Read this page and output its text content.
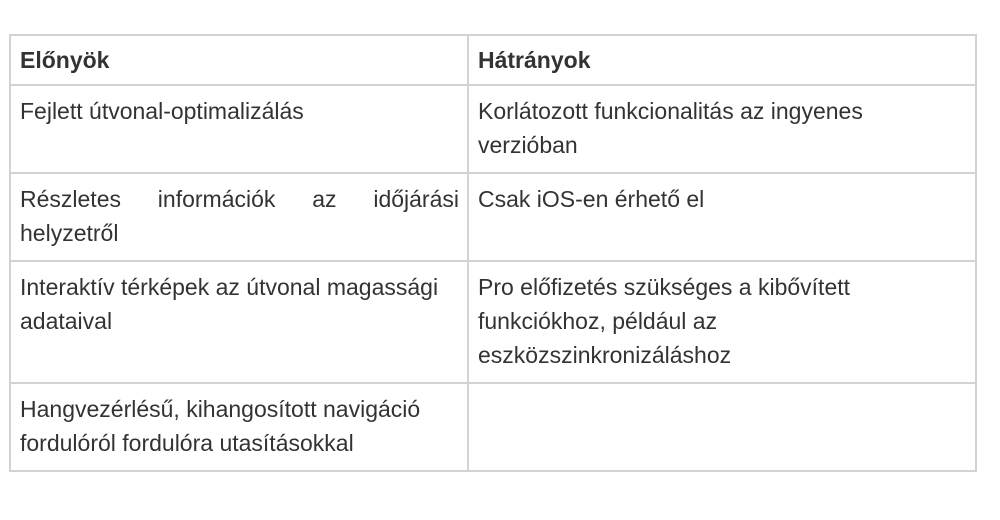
Előnyök	Hátrányok
Fejlett útvonal-optimalizálás	Korlátozott funkcionalitás az ingyenes verzióban
Részletes információk az időjárási helyzetről	Csak iOS-en érhető el
Interaktív térképek az útvonal magassági adataival	Pro előfizetés szükséges a kibővített funkciókhoz, például az eszközszinkronizáláshoz
Hangvezérlésű, kihangosított navigáció fordulóról fordulóra utasításokkal	
